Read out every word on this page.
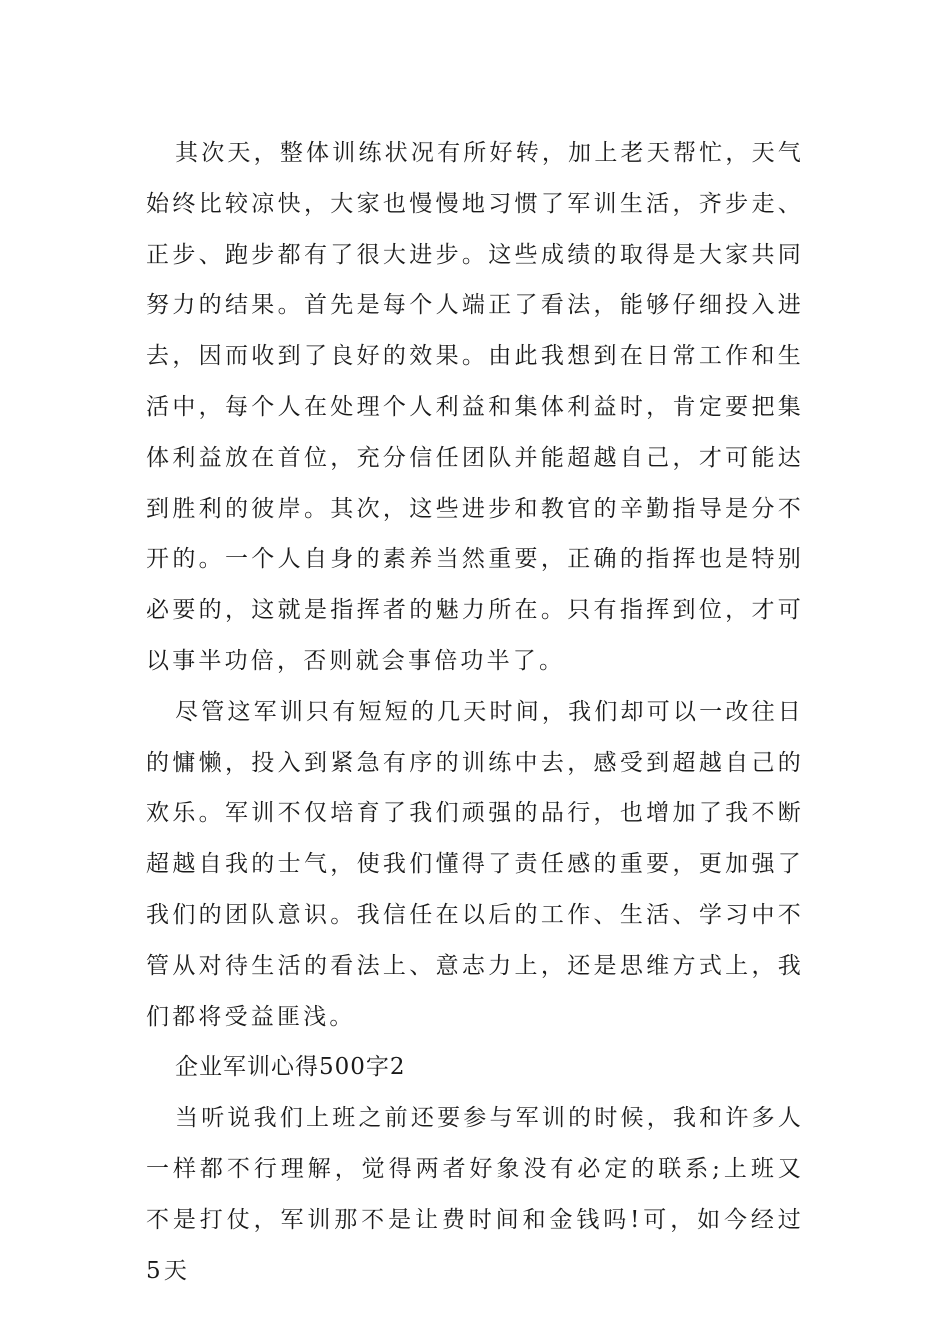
其次天，整体训练状况有所好转，加上老天帮忙，天气始终比较凉快，大家也慢慢地习惯了军训生活，齐步走、正步、跑步都有了很大进步。这些成绩的取得是大家共同努力的结果。首先是每个人端正了看法，能够仔细投入进去，因而收到了良好的效果。由此我想到在日常工作和生活中，每个人在处理个人利益和集体利益时，肯定要把集体利益放在首位，充分信任团队并能超越自己，才可能达到胜利的彼岸。其次，这些进步和教官的辛勤指导是分不开的。一个人自身的素养当然重要，正确的指挥也是特别必要的，这就是指挥者的魅力所在。只有指挥到位，才可以事半功倍，否则就会事倍功半了。

尽管这军训只有短短的几天时间，我们却可以一改往日的慵懒，投入到紧急有序的训练中去，感受到超越自己的欢乐。军训不仅培育了我们顽强的品行，也增加了我不断超越自我的士气，使我们懂得了责任感的重要，更加强了我们的团队意识。我信任在以后的工作、生活、学习中不管从对待生活的看法上、意志力上，还是思维方式上，我们都将受益匪浅。

企业军训心得500字2

当听说我们上班之前还要参与军训的时候，我和许多人一样都不行理解，觉得两者好象没有必定的联系;上班又不是打仗，军训那不是让费时间和金钱吗!可，如今经过5天
